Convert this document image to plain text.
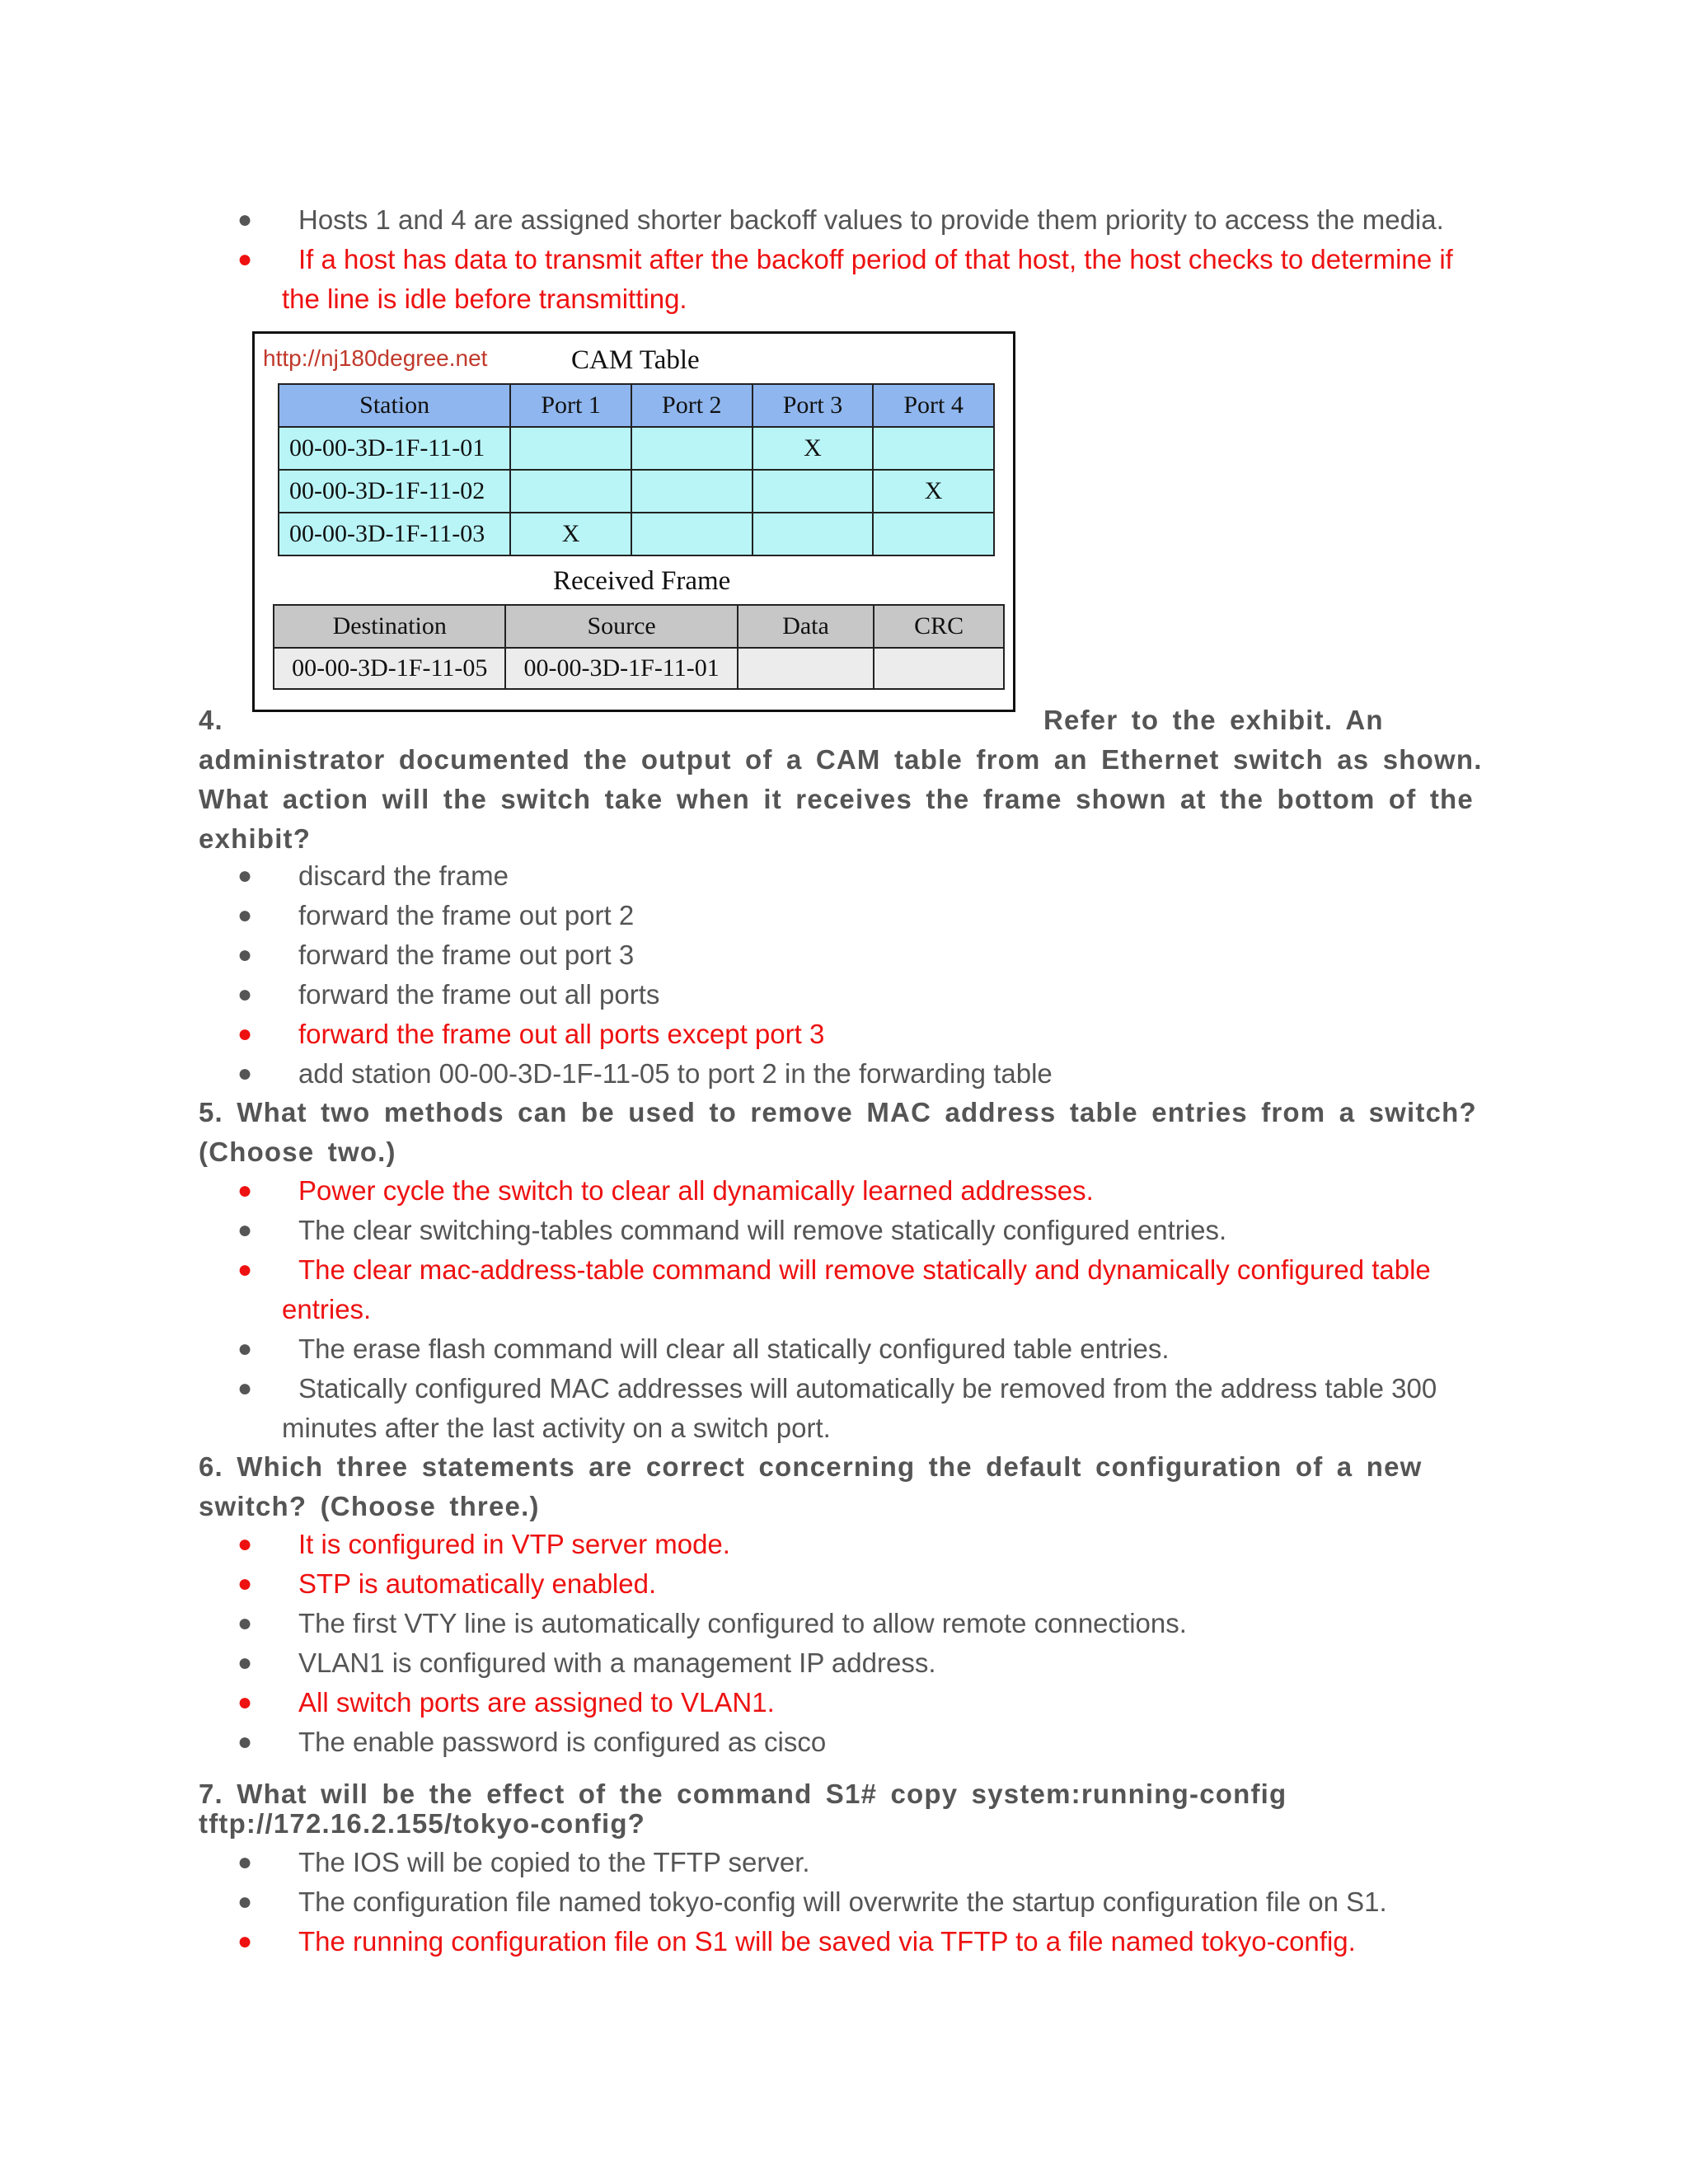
● Hosts 1 and 4 are assigned shorter backoff values to provide them priority to access the media.
● If a host has data to transmit after the backoff period of that host, the host checks to determine if
the line is idle before transmitting.
http://nj180degree.net	CAM Table
Station	Port 1	Port 2	Port 3	Port 4
00-00-3D-1F-11-01			X	
00-00-3D-1F-11-02				X
00-00-3D-1F-11-03	X			
Received Frame
Destination	Source	Data	CRC
00-00-3D-1F-11-05	00-00-3D-1F-11-01		
4.	Refer to the exhibit. An
administrator documented the output of a CAM table from an Ethernet switch as shown.
What action will the switch take when it receives the frame shown at the bottom of the
exhibit?
● discard the frame
● forward the frame out port 2
● forward the frame out port 3
● forward the frame out all ports
● forward the frame out all ports except port 3
● add station 00-00-3D-1F-11-05 to port 2 in the forwarding table
5. What two methods can be used to remove MAC address table entries from a switch?
(Choose two.)
● Power cycle the switch to clear all dynamically learned addresses.
● The clear switching-tables command will remove statically configured entries.
● The clear mac-address-table command will remove statically and dynamically configured table
entries.
● The erase flash command will clear all statically configured table entries.
● Statically configured MAC addresses will automatically be removed from the address table 300
minutes after the last activity on a switch port.
6. Which three statements are correct concerning the default configuration of a new
switch? (Choose three.)
● It is configured in VTP server mode.
● STP is automatically enabled.
● The first VTY line is automatically configured to allow remote connections.
● VLAN1 is configured with a management IP address.
● All switch ports are assigned to VLAN1.
● The enable password is configured as cisco
7. What will be the effect of the command S1# copy system:running-config
tftp://172.16.2.155/tokyo-config?
● The IOS will be copied to the TFTP server.
● The configuration file named tokyo-config will overwrite the startup configuration file on S1.
● The running configuration file on S1 will be saved via TFTP to a file named tokyo-config.
